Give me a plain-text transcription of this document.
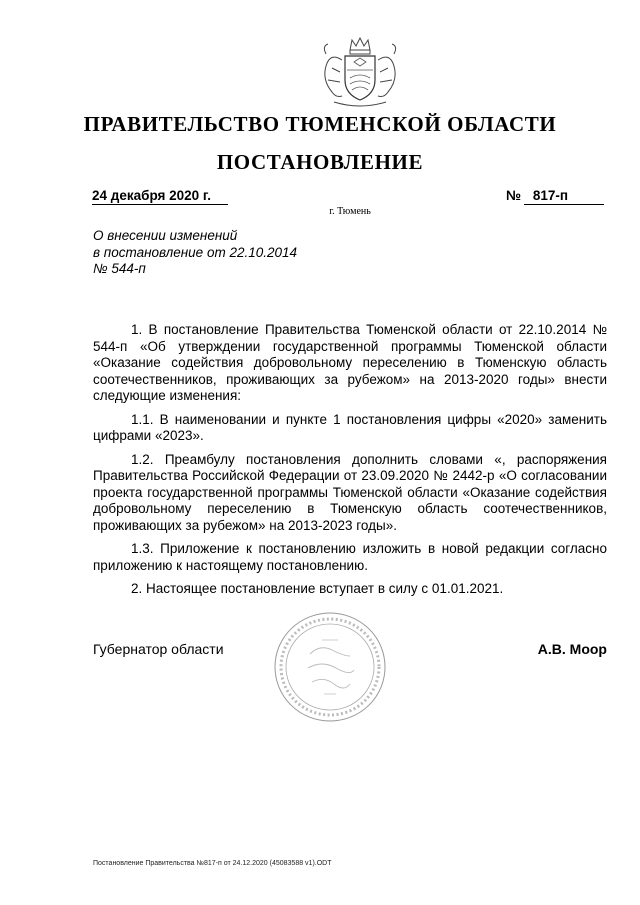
ПРАВИТЕЛЬСТВО ТЮМЕНСКОЙ ОБЛАСТИ
ПОСТАНОВЛЕНИЕ
24 декабря 2020 г.	№ 817-п
г. Тюмень
О внесении изменений
в постановление от 22.10.2014
№ 544-п

1. В постановление Правительства Тюменской области от 22.10.2014 № 544-п «Об утверждении государственной программы Тюменской области «Оказание содействия добровольному переселению в Тюменскую область соотечественников, проживающих за рубежом» на 2013-2020 годы» внести следующие изменения:

1.1. В наименовании и пункте 1 постановления цифры «2020» заменить цифрами «2023».

1.2. Преамбулу постановления дополнить словами «, распоряжения Правительства Российской Федерации от 23.09.2020 № 2442-р «О согласовании проекта государственной программы Тюменской области «Оказание содействия добровольному переселению в Тюменскую область соотечественников, проживающих за рубежом» на 2013-2023 годы».

1.3. Приложение к постановлению изложить в новой редакции согласно приложению к настоящему постановлению.

2. Настоящее постановление вступает в силу с 01.01.2021.

Губернатор области	А.В. Моор
Постановление Правительства №817-п от 24.12.2020 (45083588 v1).ODT
